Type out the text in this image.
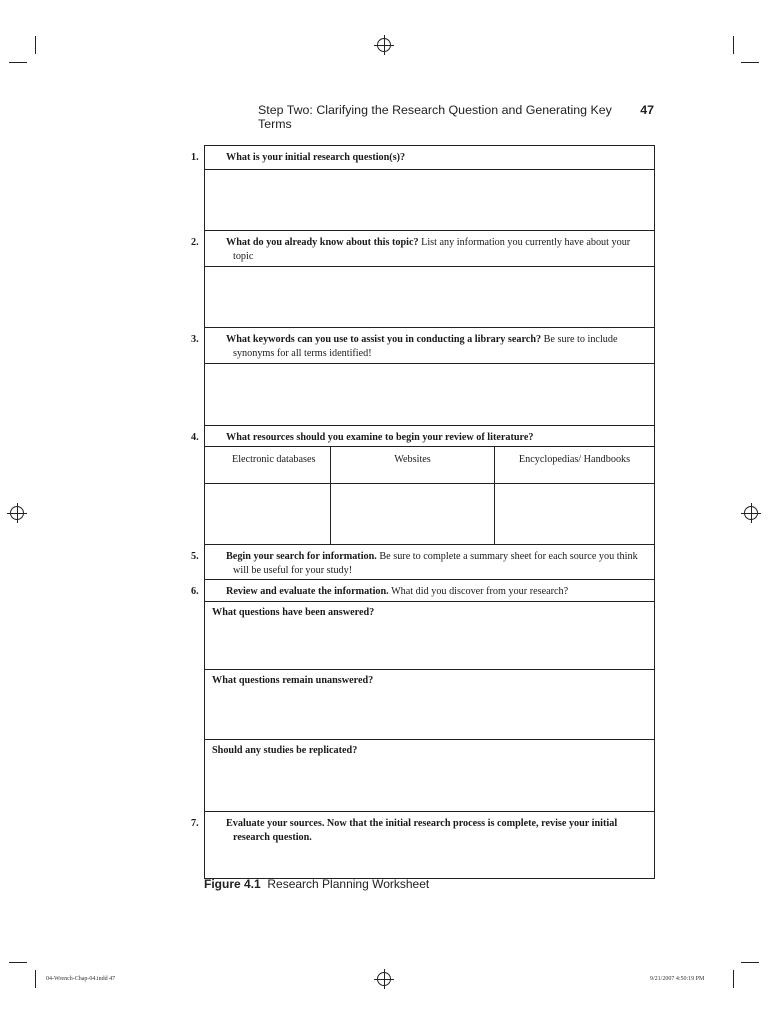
Step Two: Clarifying the Research Question and Generating Key Terms
47
1.	What is your initial research question(s)?
2.	What do you already know about this topic? List any information you currently have about your topic
3.	What keywords can you use to assist you in conducting a library search? Be sure to include synonyms for all terms identified!
4.	What resources should you examine to begin your review of literature?
Electronic databases	Websites	Encyclopedias/ Handbooks
5.	Begin your search for information. Be sure to complete a summary sheet for each source you think will be useful for your study!
6.	Review and evaluate the information. What did you discover from your research?
What questions have been answered?
What questions remain unanswered?
Should any studies be replicated?
7.	Evaluate your sources. Now that the initial research process is complete, revise your initial research question.
Figure 4.1 Research Planning Worksheet
04-Wrench-Chap-04.indd 47	9/21/2007 4:50:19 PM
